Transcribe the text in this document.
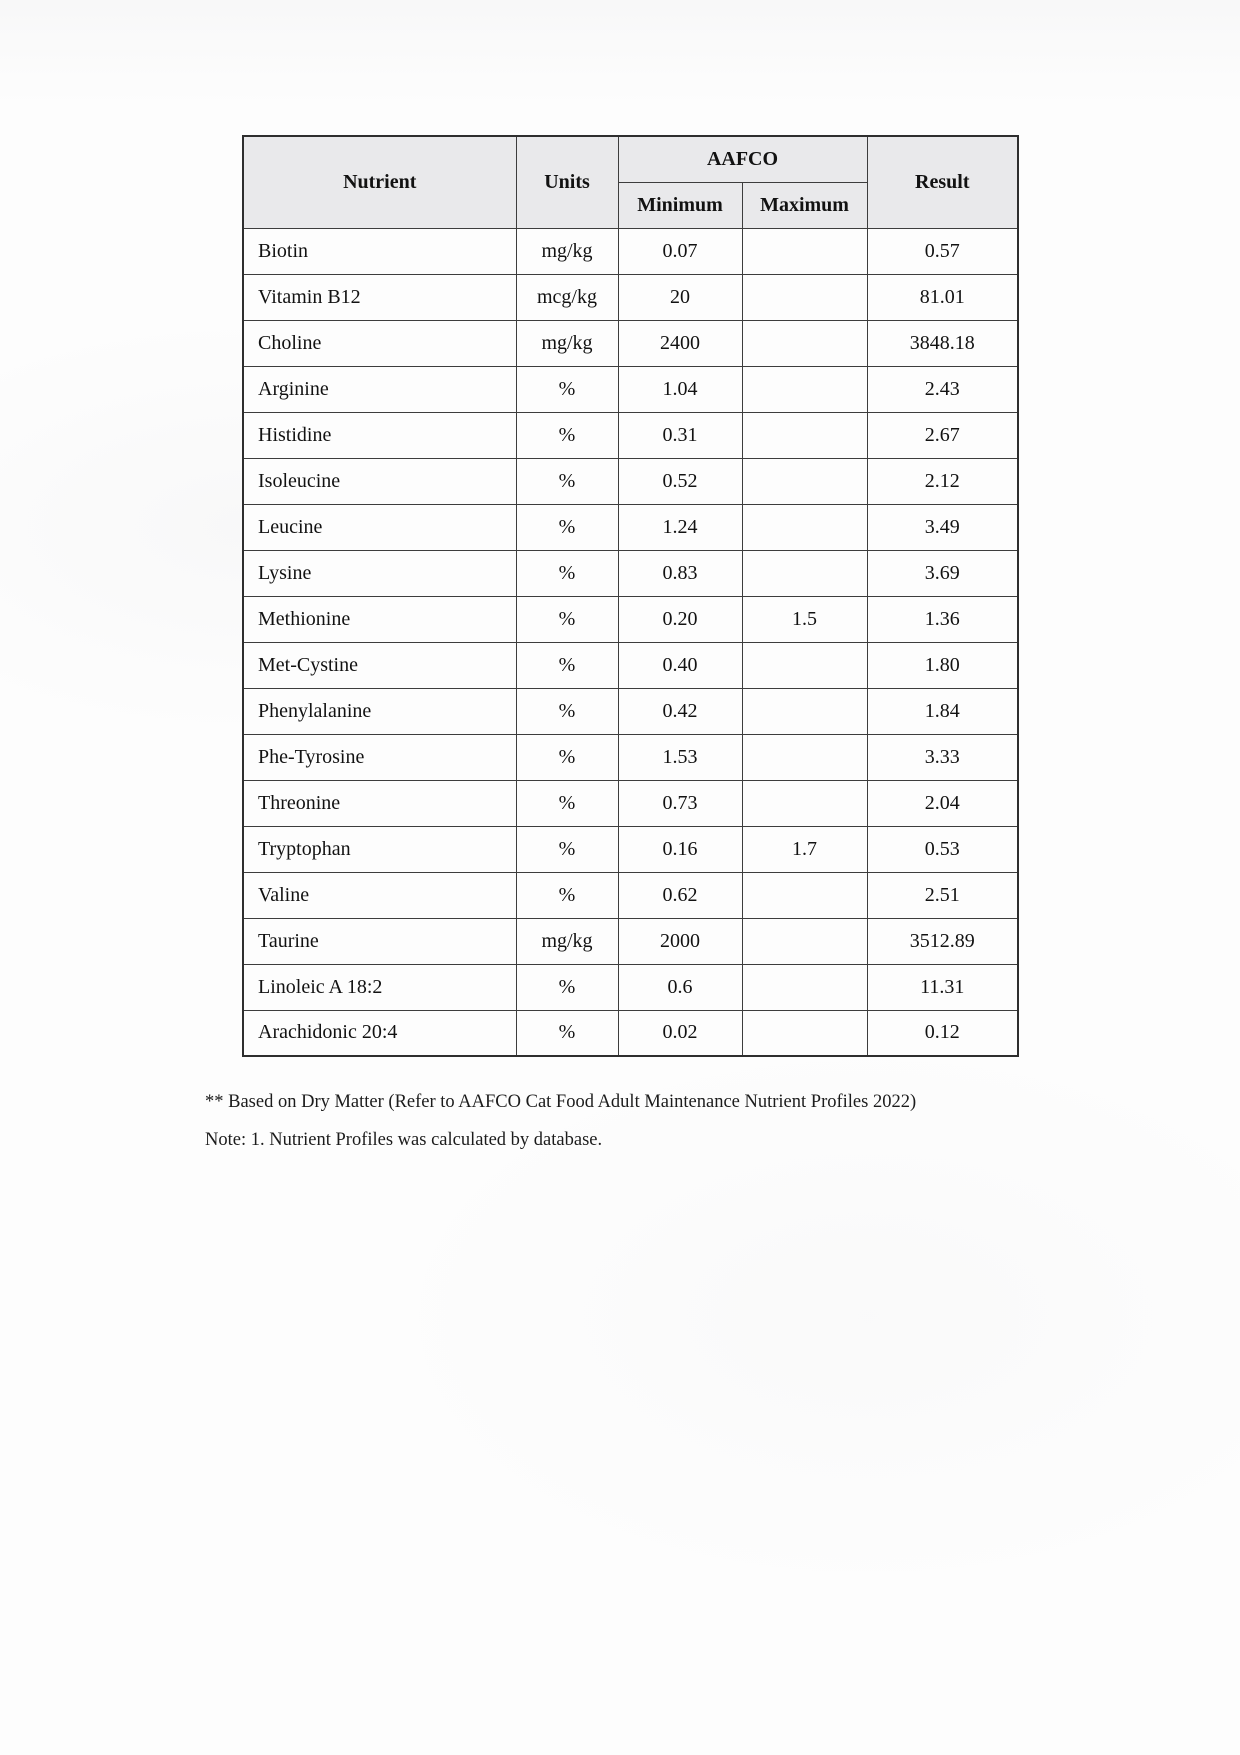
Nutrient	Units	AAFCO		Result
		Minimum	Maximum	
Biotin	mg/kg	0.07		0.57
Vitamin B12	mcg/kg	20		81.01
Choline	mg/kg	2400		3848.18
Arginine	%	1.04		2.43
Histidine	%	0.31		2.67
Isoleucine	%	0.52		2.12
Leucine	%	1.24		3.49
Lysine	%	0.83		3.69
Methionine	%	0.20	1.5	1.36
Met-Cystine	%	0.40		1.80
Phenylalanine	%	0.42		1.84
Phe-Tyrosine	%	1.53		3.33
Threonine	%	0.73		2.04
Tryptophan	%	0.16	1.7	0.53
Valine	%	0.62		2.51
Taurine	mg/kg	2000		3512.89
Linoleic A 18:2	%	0.6		11.31
Arachidonic 20:4	%	0.02		0.12
** Based on Dry Matter (Refer to AAFCO Cat Food Adult Maintenance Nutrient Profiles 2022)
Note: 1. Nutrient Profiles was calculated by database.
